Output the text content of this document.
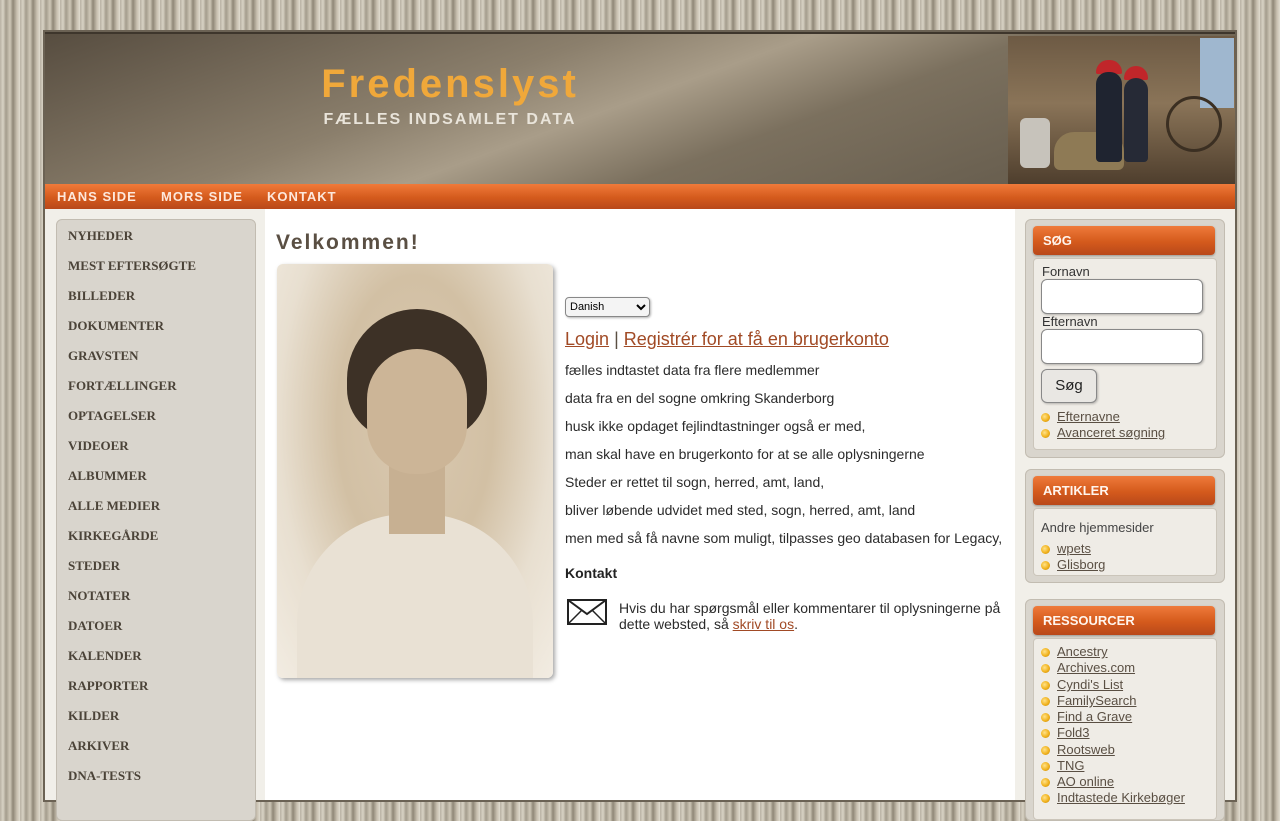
Fredenslyst
FÆLLES INDSAMLET DATA
HANS SIDE MORS SIDE KONTAKT
NYHEDER
MEST EFTERSØGTE
BILLEDER
DOKUMENTER
GRAVSTEN
FORTÆLLINGER
OPTAGELSER
VIDEOER
ALBUMMER
ALLE MEDIER
KIRKEGÅRDE
STEDER
NOTATER
DATOER
KALENDER
RAPPORTER
KILDER
ARKIVER
DNA-TESTS
Velkommen!
Danish
Login | Registrér for at få en brugerkonto
fælles indtastet data fra flere medlemmer
data fra en del sogne omkring Skanderborg
husk ikke opdaget fejlindtastninger også er med,
man skal have en brugerkonto for at se alle oplysningerne
Steder er rettet til sogn, herred, amt, land,
bliver løbende udvidet med sted, sogn, herred, amt, land
men med så få navne som muligt, tilpasses geo databasen for Legacy,
Kontakt
Hvis du har spørgsmål eller kommentarer til oplysningerne på dette websted, så skriv til os.
SØG
Fornavn
Efternavn
Søg
Efternavne
Avanceret søgning
ARTIKLER
Andre hjemmesider
wpets
Glisborg
RESSOURCER
Ancestry
Archives.com
Cyndi's List
FamilySearch
Find a Grave
Fold3
Rootsweb
TNG
AO online
Indtastede Kirkebøger
